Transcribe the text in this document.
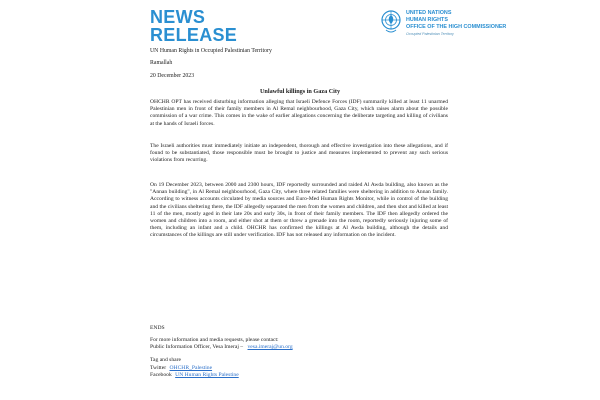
NEWS
RELEASE
UNITED NATIONS
HUMAN RIGHTS
OFFICE OF THE HIGH COMMISSIONER
Occupied Palestinian Territory
UN Human Rights in Occupied Palestinian Territory
Ramallah
20 December 2023
Unlawful killings in Gaza City

OHCHR OPT has received disturbing information alleging that Israeli Defence Forces (IDF) summarily killed at least 11 unarmed Palestinian men in front of their family members in Al Remal neighbourhood, Gaza City, which raises alarm about the possible commission of a war crime. This comes in the wake of earlier allegations concerning the deliberate targeting and killing of civilians at the hands of Israeli forces.

The Israeli authorities must immediately initiate an independent, thorough and effective investigation into these allegations, and if found to be substantiated, those responsible must be brought to justice and measures implemented to prevent any such serious violations from recurring.

On 19 December 2023, between 2000 and 2300 hours, IDF reportedly surrounded and raided Al Awda building, also known as the "Annan building", in Al Remal neighbourhood, Gaza City, where three related families were sheltering in addition to Annan family. According to witness accounts circulated by media sources and Euro-Med Human Rights Monitor, while in control of the building and the civilians sheltering there, the IDF allegedly separated the men from the women and children, and then shot and killed at least 11 of the men, mostly aged in their late 20s and early 30s, in front of their family members. The IDF then allegedly ordered the women and children into a room, and either shot at them or threw a grenade into the room, reportedly seriously injuring some of them, including an infant and a child. OHCHR has confirmed the killings at Al Awda building, although the details and circumstances of the killings are still under verification. IDF has not released any information on the incident.

ENDS
For more information and media requests, please contact:
Public Information Officer, Vesa Imeraj – vesa.imeraj@un.org
Tag and share
Twitter OHCHR_Palestine
Facebook UN Human Rights Palestine
